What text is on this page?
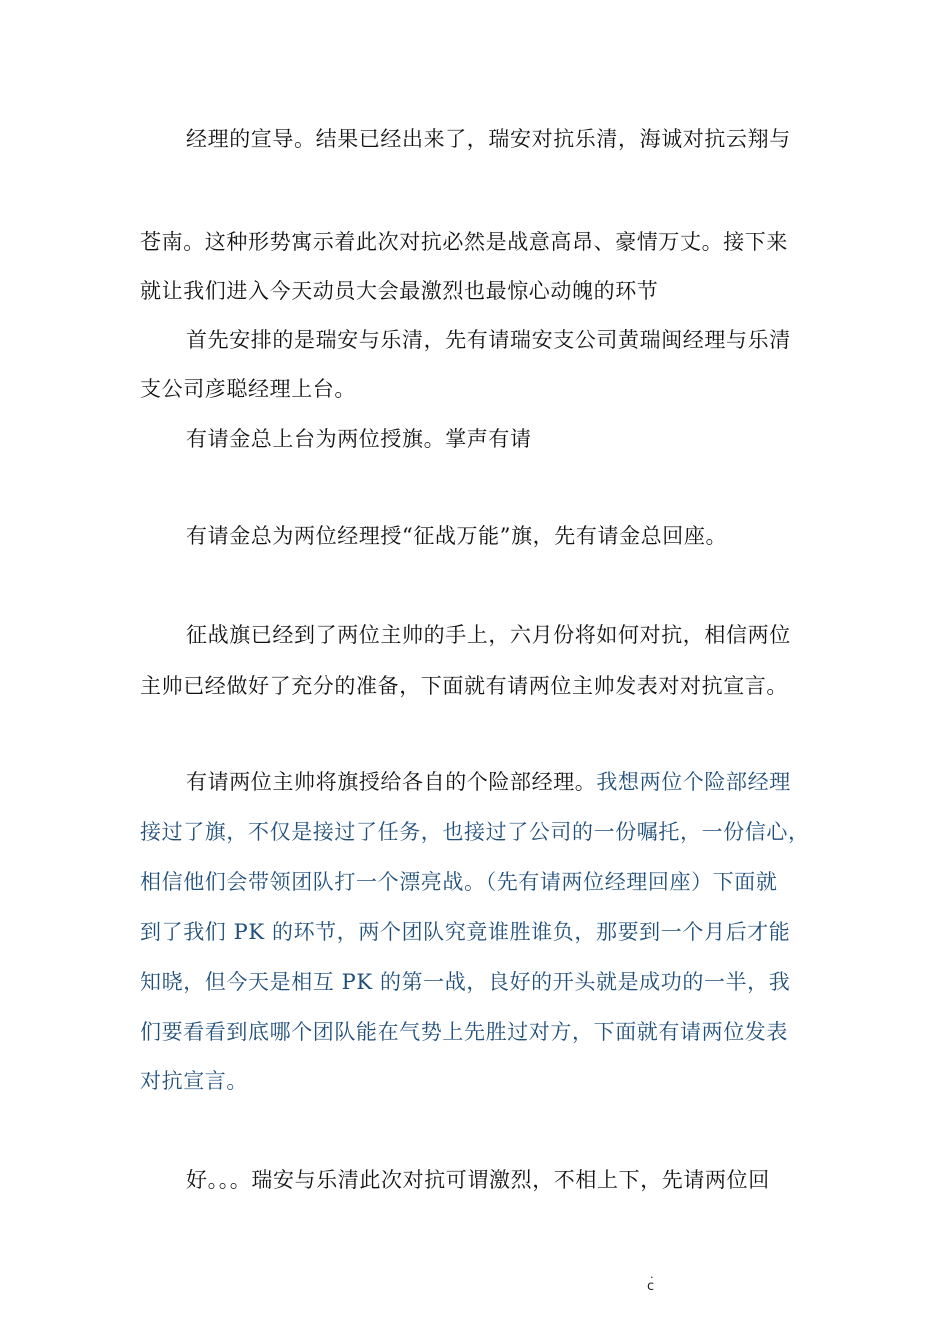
经理的宣导。结果已经出来了，瑞安对抗乐清，海诚对抗云翔与
苍南。这种形势寓示着此次对抗必然是战意高昂、豪情万丈。接下来
就让我们进入今天动员大会最激烈也最惊心动魄的环节
首先安排的是瑞安与乐清，先有请瑞安支公司黄瑞闽经理与乐清
支公司彦聪经理上台。
有请金总上台为两位授旗。掌声有请
有请金总为两位经理授“征战万能”旗，先有请金总回座。
征战旗已经到了两位主帅的手上，六月份将如何对抗，相信两位
主帅已经做好了充分的准备，下面就有请两位主帅发表对对抗宣言。
有请两位主帅将旗授给各自的个险部经理。我想两位个险部经理
接过了旗，不仅是接过了任务，也接过了公司的一份嘱托，一份信心，
相信他们会带领团队打一个漂亮战。（先有请两位经理回座）下面就
到了我们 PK 的环节，两个团队究竟谁胜谁负，那要到一个月后才能
知晓，但今天是相互 PK 的第一战，良好的开头就是成功的一半，我
们要看看到底哪个团队能在气势上先胜过对方，下面就有请两位发表
对抗宣言。
好。。。瑞安与乐清此次对抗可谓激烈，不相上下，先请两位回
.
c
